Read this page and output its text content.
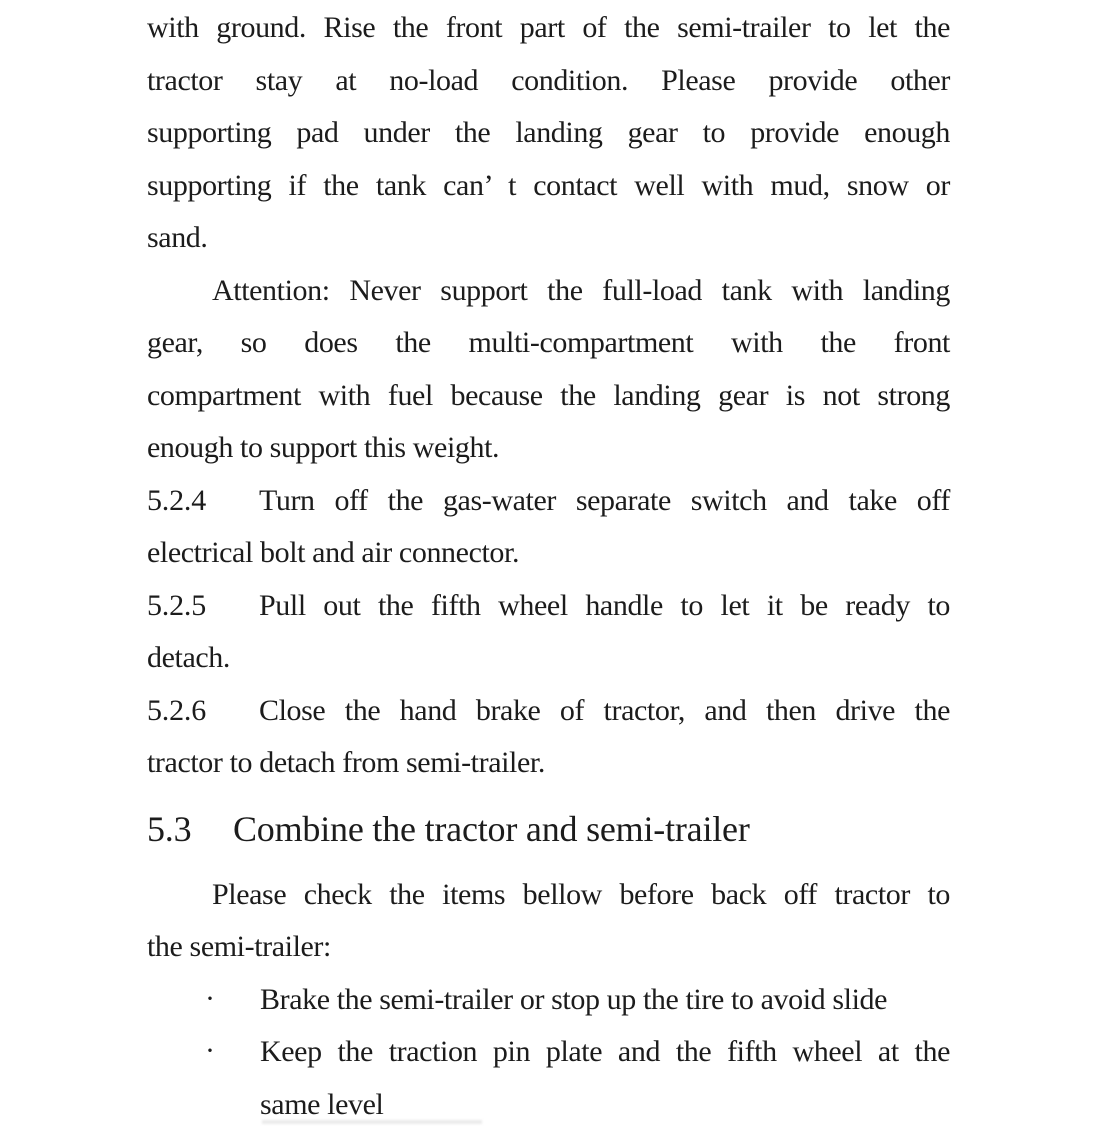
with ground. Rise the front part of the semi-trailer to let the
tractor stay at no-load condition. Please provide other
supporting pad under the landing gear to provide enough
supporting if the tank can’ t contact well with mud, snow or
sand.
Attention: Never support the full-load tank with landing
gear, so does the multi-compartment with the front
compartment with fuel because the landing gear is not strong
enough to support this weight.
5.2.4 Turn off the gas-water separate switch and take off
electrical bolt and air connector.
5.2.5 Pull out the fifth wheel handle to let it be ready to
detach.
5.2.6 Close the hand brake of tractor, and then drive the
tractor to detach from semi-trailer.
5.3 Combine the tractor and semi-trailer
Please check the items bellow before back off tractor to
the semi-trailer:
· Brake the semi-trailer or stop up the tire to avoid slide
· Keep the traction pin plate and the fifth wheel at the
same level
